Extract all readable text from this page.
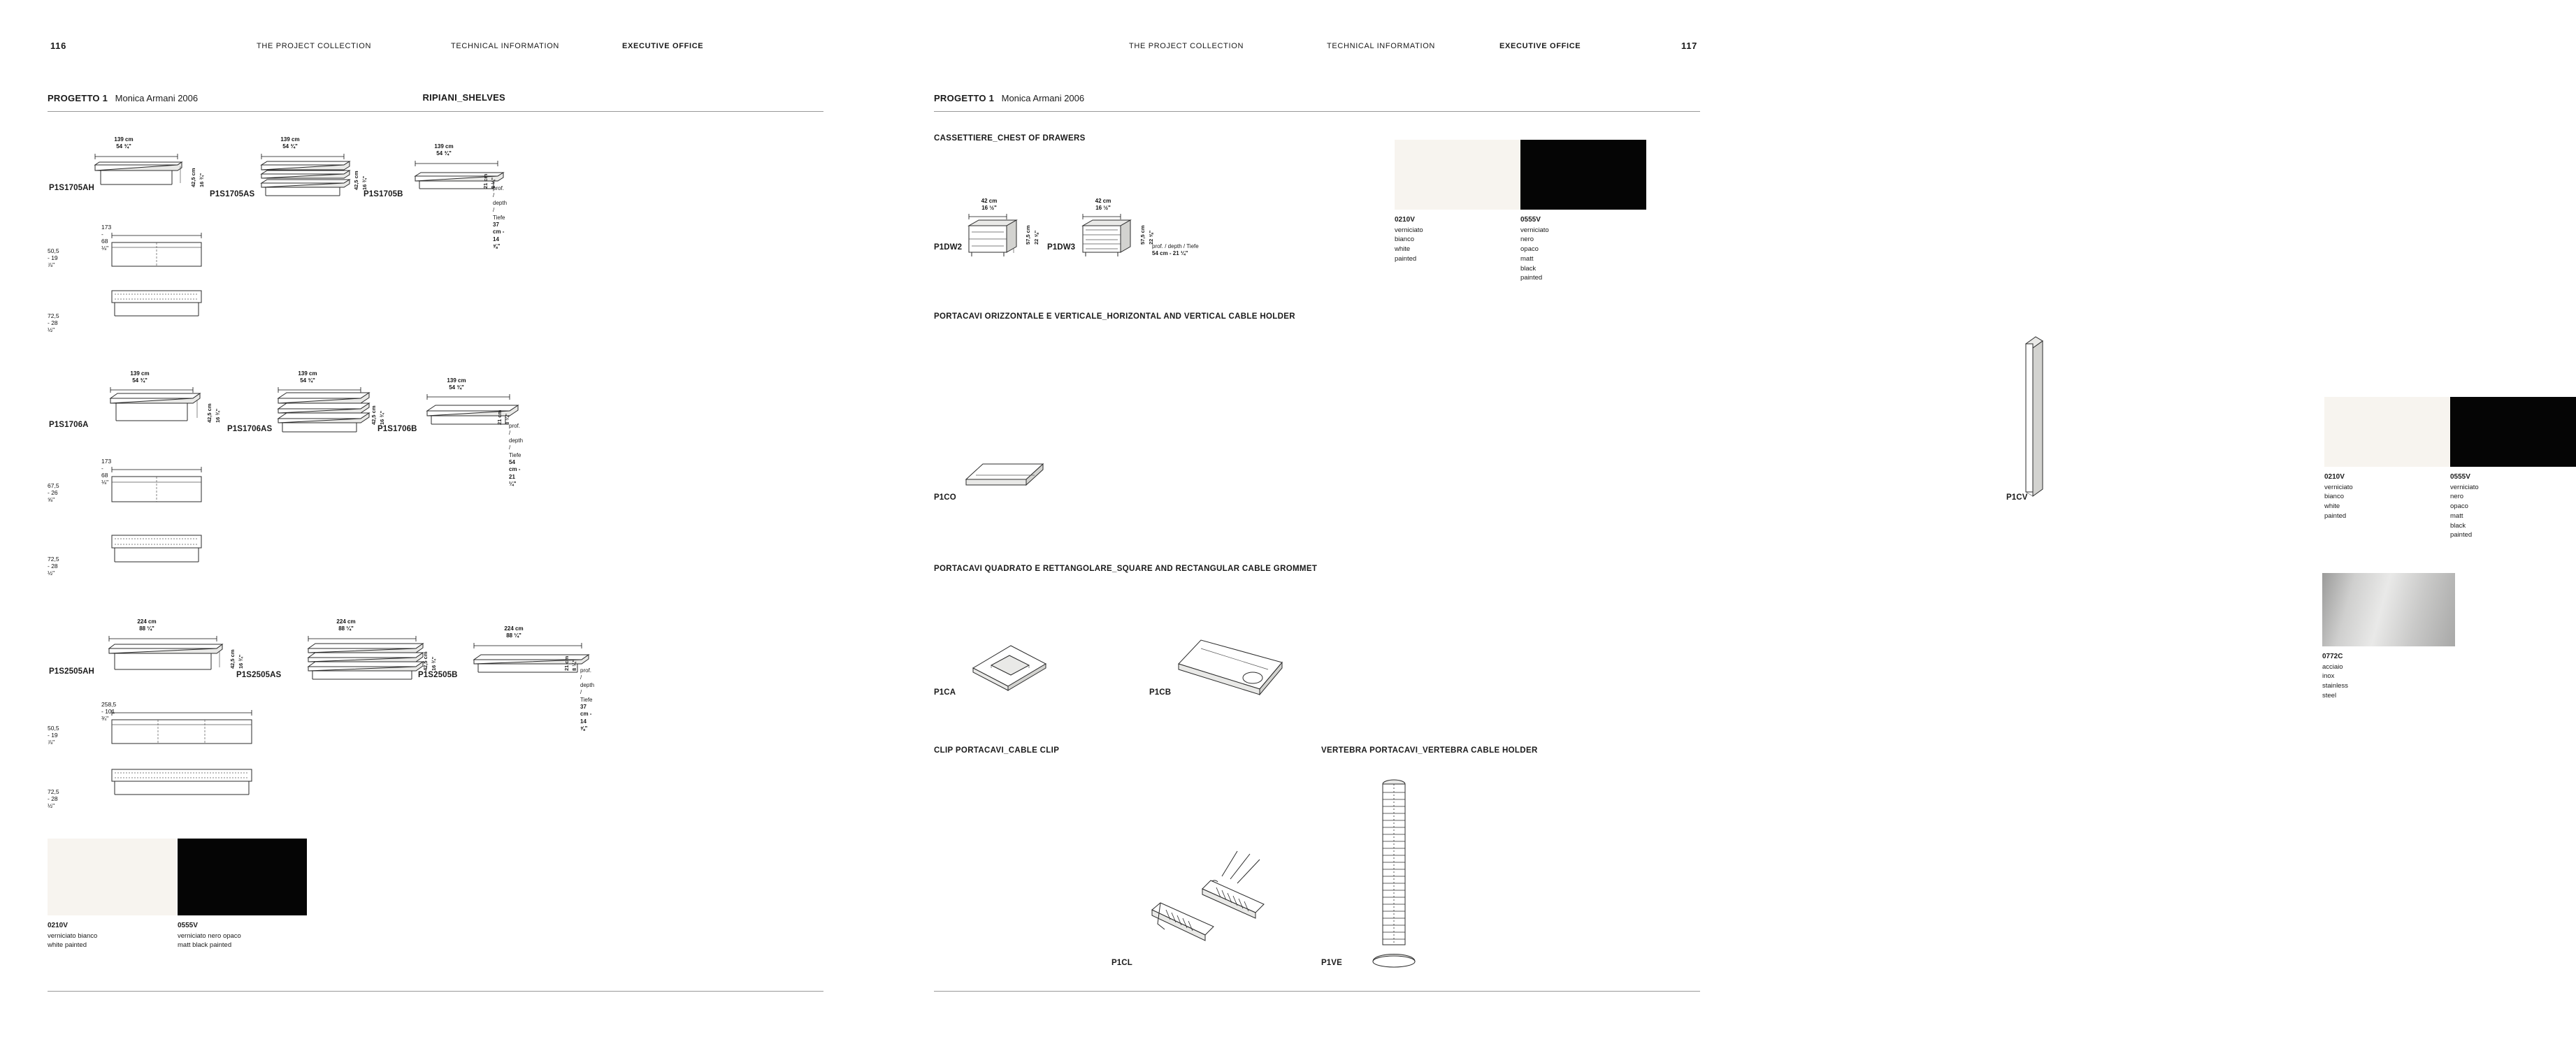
116	THE PROJECT COLLECTION	TECHNICAL INFORMATION	EXECUTIVE OFFICE
PROGETTO 1 Monica Armani 2006	RIPIANI_SHELVES
P1S1705AH
139 cm
54 ¾"
42,5 cm 16 ¾"
P1S1705AS
139 cm
54 ¾"
42,5 cm 16 ¾"
P1S1705B
139 cm
54 ¾"
21 cm 8 ¼"
prof. / depth / Tiefe
37 cm - 14 ⅝"
173 - 68 ⅛"
50,5 - 19 ⅞"
72,5 - 28 ½"
P1S1706A
139 cm
54 ¾"
42,5 cm 16 ¾"
P1S1706AS
139 cm
54 ¾"
42,5 cm 16 ¾"
P1S1706B
139 cm
54 ¾"
21 cm 8 ¼"
prof. / depth / Tiefe
54 cm - 21 ¼"
173 - 68 ⅛"
67,5 - 26 ⅝"
72,5 - 28 ½"
P1S2505AH
224 cm
88 ¼"
42,5 cm 16 ¾"
P1S2505AS
224 cm
88 ¼"
42,5 cm 16 ¾"
P1S2505B
224 cm
88 ¼"
21 cm 8 ¼" prof. / depth / Tiefe
37 cm - 14 ⅝"
258,5 - 101 ¾"
50,5 - 19 ⅞"
72,5 - 28 ½"
0210V
verniciato bianco
white painted
0555V
verniciato nero opaco
matt black painted
THE PROJECT COLLECTION	TECHNICAL INFORMATION	EXECUTIVE OFFICE	117
PROGETTO 1 Monica Armani 2006
CASSETTIERE_CHEST OF DRAWERS
P1DW2
42 cm
16 ½"
57,5 cm 22 ⅝"
P1DW3
42 cm
16 ½"
57,5 cm 22 ⅝"
prof. / depth / Tiefe
54 cm - 21 ¼"
0210V
verniciato bianco
white painted
0555V
verniciato nero opaco
matt black painted
PORTACAVI ORIZZONTALE E VERTICALE_HORIZONTAL AND VERTICAL CABLE HOLDER
P1CO	P1CV
0210V
verniciato bianco
white painted
0555V
verniciato nero opaco
matt black painted
PORTACAVI QUADRATO E RETTANGOLARE_SQUARE AND RECTANGULAR CABLE GROMMET
P1CA	P1CB
0772C
acciaio inox
stainless steel
CLIP PORTACAVI_CABLE CLIP
P1CL
VERTEBRA PORTACAVI_VERTEBRA CABLE HOLDER
P1VE
